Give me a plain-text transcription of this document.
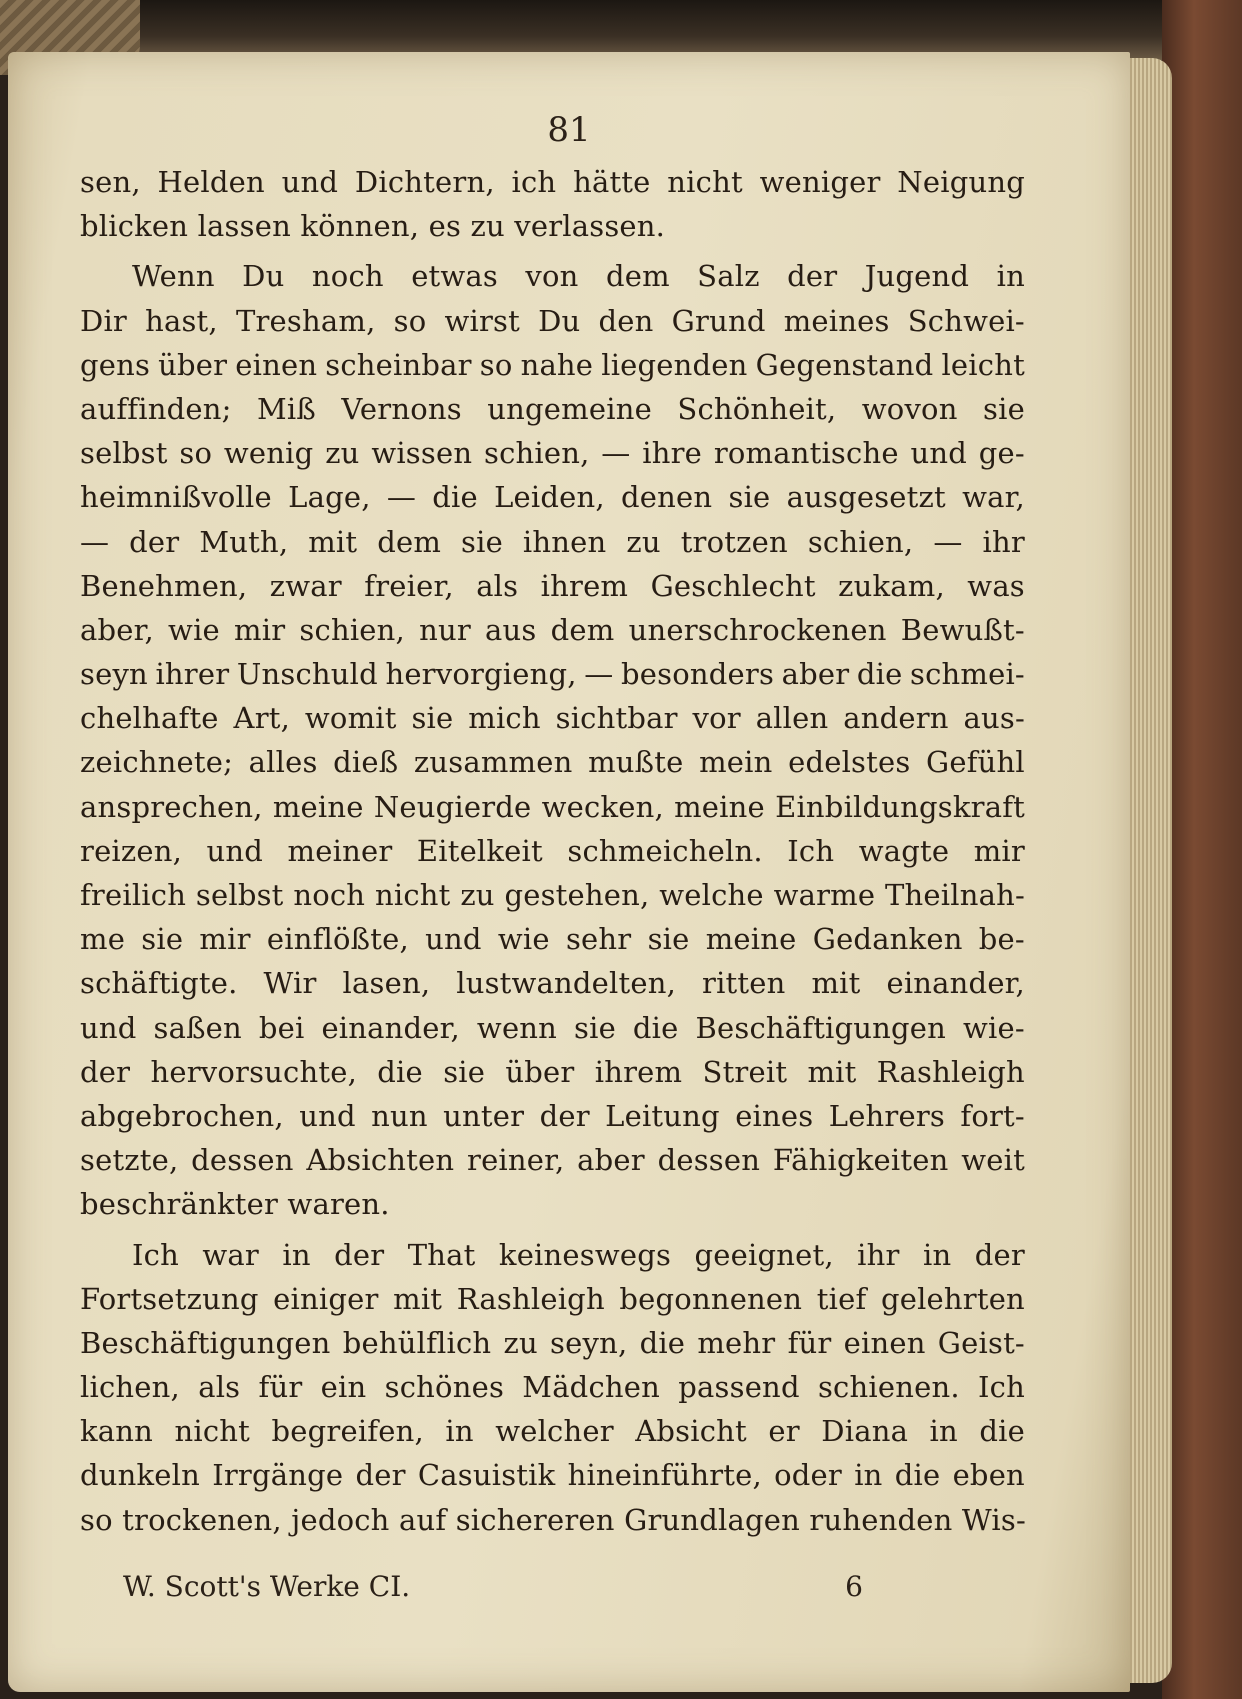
81
sen, Helden und Dichtern, ich hätte nicht weniger Neigung
blicken lassen können, es zu verlassen.
Wenn Du noch etwas von dem Salz der Jugend in
Dir hast, Tresham, so wirst Du den Grund meines Schwei-
gens über einen scheinbar so nahe liegenden Gegenstand leicht
auffinden; Miß Vernons ungemeine Schönheit, wovon sie
selbst so wenig zu wissen schien, — ihre romantische und ge-
heimnißvolle Lage, — die Leiden, denen sie ausgesetzt war,
— der Muth, mit dem sie ihnen zu trotzen schien, — ihr
Benehmen, zwar freier, als ihrem Geschlecht zukam, was
aber, wie mir schien, nur aus dem unerschrockenen Bewußt-
seyn ihrer Unschuld hervorgieng, — besonders aber die schmei-
chelhafte Art, womit sie mich sichtbar vor allen andern aus-
zeichnete; alles dieß zusammen mußte mein edelstes Gefühl
ansprechen, meine Neugierde wecken, meine Einbildungskraft
reizen, und meiner Eitelkeit schmeicheln. Ich wagte mir
freilich selbst noch nicht zu gestehen, welche warme Theilnah-
me sie mir einflößte, und wie sehr sie meine Gedanken be-
schäftigte. Wir lasen, lustwandelten, ritten mit einander,
und saßen bei einander, wenn sie die Beschäftigungen wie-
der hervorsuchte, die sie über ihrem Streit mit Rashleigh
abgebrochen, und nun unter der Leitung eines Lehrers fort-
setzte, dessen Absichten reiner, aber dessen Fähigkeiten weit
beschränkter waren.
Ich war in der That keineswegs geeignet, ihr in der
Fortsetzung einiger mit Rashleigh begonnenen tief gelehrten
Beschäftigungen behülflich zu seyn, die mehr für einen Geist-
lichen, als für ein schönes Mädchen passend schienen. Ich
kann nicht begreifen, in welcher Absicht er Diana in die
dunkeln Irrgänge der Casuistik hineinführte, oder in die eben
so trockenen, jedoch auf sichereren Grundlagen ruhenden Wis-
W. Scott's Werke CI.	6
